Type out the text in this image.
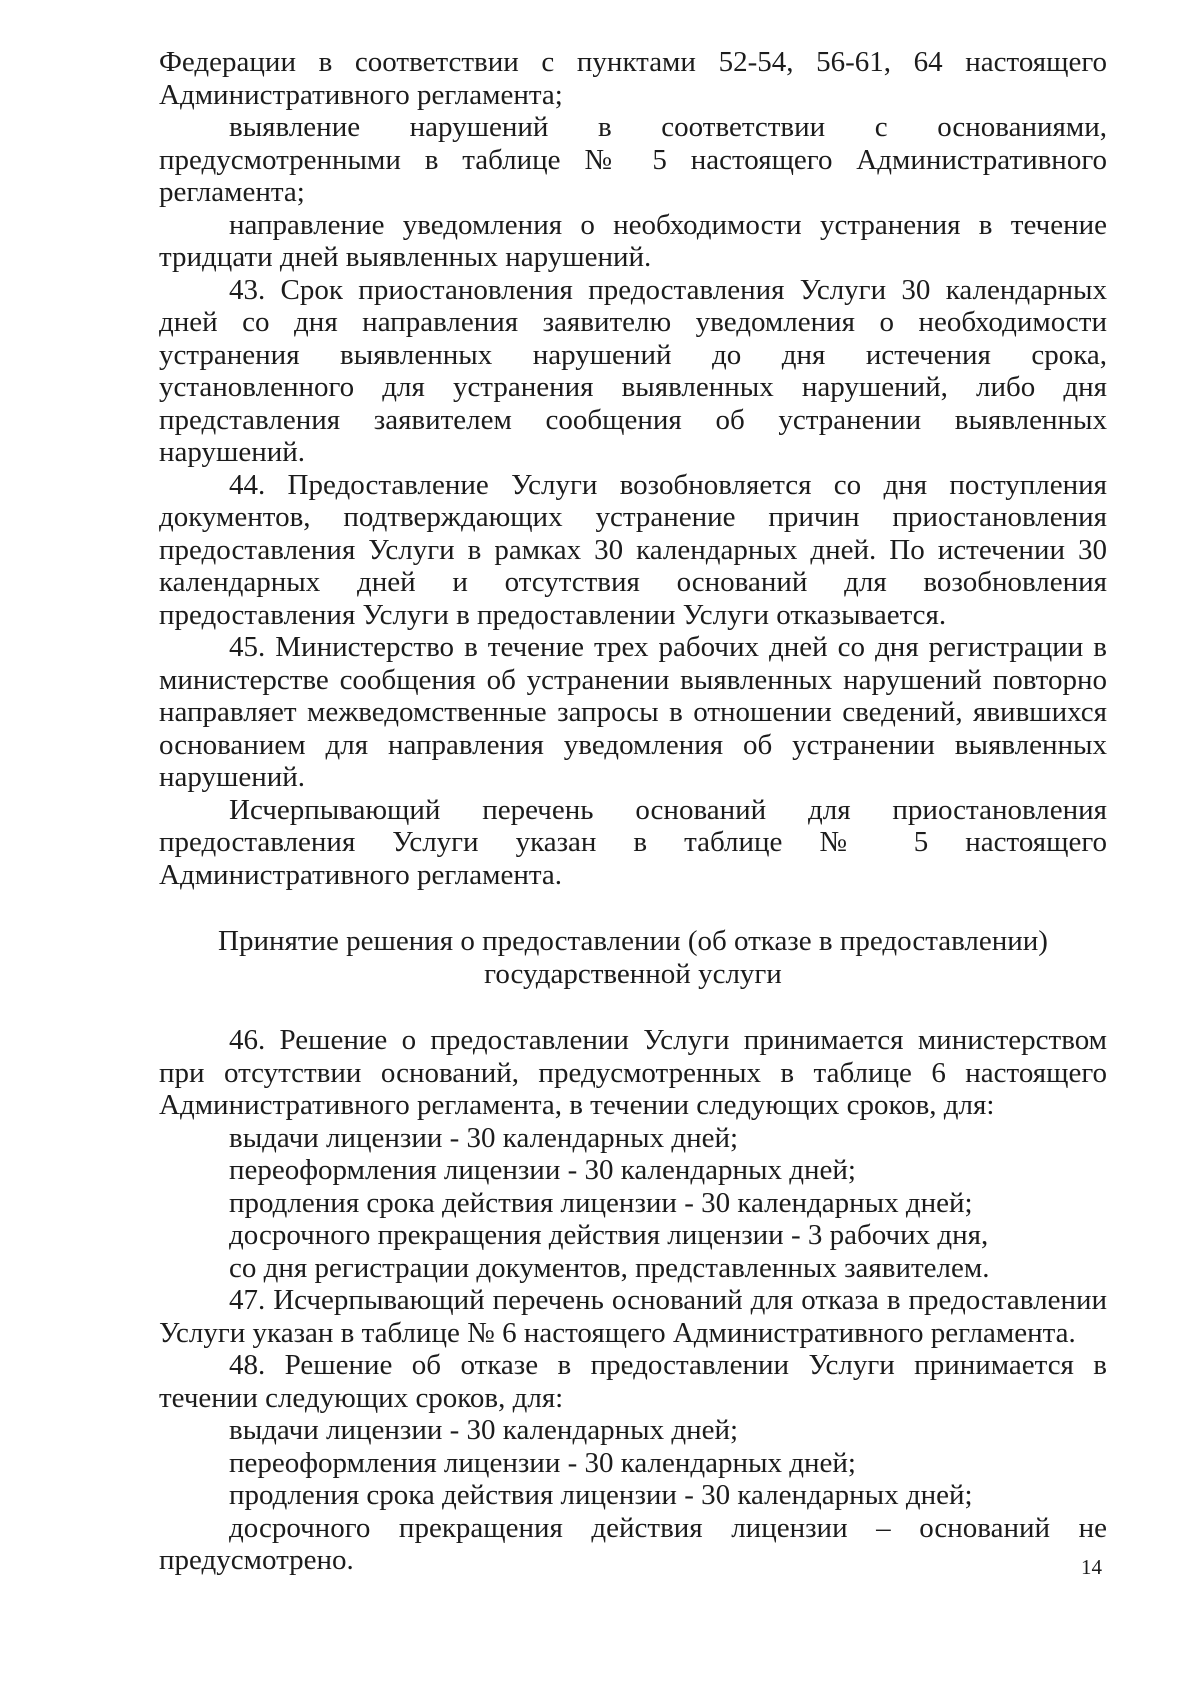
Федерации в соответствии с пунктами 52-54, 56-61, 64 настоящего Административного регламента;

выявление нарушений в соответствии с основаниями, предусмотренными в таблице № 5 настоящего Административного регламента;

направление уведомления о необходимости устранения в течение тридцати дней выявленных нарушений.

43. Срок приостановления предоставления Услуги 30 календарных дней со дня направления заявителю уведомления о необходимости устранения выявленных нарушений до дня истечения срока, установленного для устранения выявленных нарушений, либо дня представления заявителем сообщения об устранении выявленных нарушений.

44. Предоставление Услуги возобновляется со дня поступления документов, подтверждающих устранение причин приостановления предоставления Услуги в рамках 30 календарных дней. По истечении 30 календарных дней и отсутствия оснований для возобновления предоставления Услуги в предоставлении Услуги отказывается.

45. Министерство в течение трех рабочих дней со дня регистрации в министерстве сообщения об устранении выявленных нарушений повторно направляет межведомственные запросы в отношении сведений, явившихся основанием для направления уведомления об устранении выявленных нарушений.

Исчерпывающий перечень оснований для приостановления предоставления Услуги указан в таблице № 5 настоящего Административного регламента.

Принятие решения о предоставлении (об отказе в предоставлении)

государственной услуги

46. Решение о предоставлении Услуги принимается министерством при отсутствии оснований, предусмотренных в таблице 6 настоящего Административного регламента, в течении следующих сроков, для:

выдачи лицензии - 30 календарных дней;

переоформления лицензии - 30 календарных дней;

продления срока действия лицензии - 30 календарных дней;

досрочного прекращения действия лицензии - 3 рабочих дня,

со дня регистрации документов, представленных заявителем.

47. Исчерпывающий перечень оснований для отказа в предоставлении Услуги указан в таблице № 6 настоящего Административного регламента.

48. Решение об отказе в предоставлении Услуги принимается в течении следующих сроков, для:

выдачи лицензии - 30 календарных дней;

переоформления лицензии - 30 календарных дней;

продления срока действия лицензии - 30 календарных дней;

досрочного прекращения действия лицензии – оснований не предусмотрено.	14
